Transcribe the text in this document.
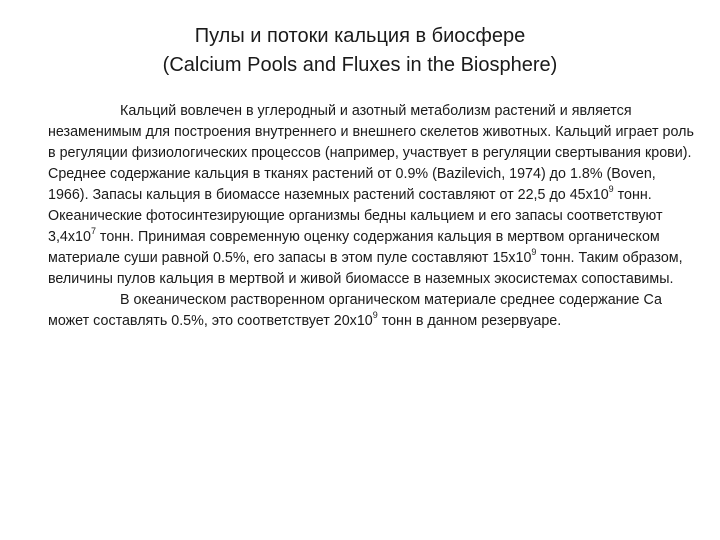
Пулы и потоки кальция в биосфере
(Calcium Pools and Fluxes in the Biosphere)

Кальций вовлечен в углеродный и азотный метаболизм растений и является незаменимым для построения внутреннего и внешнего скелетов животных. Кальций играет роль в регуляции физиологических процессов (например, участвует в регуляции свертывания крови). Среднее содержание кальция в тканях растений от 0.9% (Bazilevich, 1974) до 1.8% (Boven, 1966). Запасы кальция в биомассе наземных растений составляют от 22,5 до $45x10^9$ тонн. Океанические фотосинтезирующие организмы бедны кальцием и его запасы соответствуют $3,4x10^7$ тонн. Принимая современную оценку содержания кальция в мертвом органическом материале суши равной 0.5%, его запасы в этом пуле составляют $15x10^9$ тонн. Таким образом, величины пулов кальция в мертвой и живой биомассе в наземных экосистемах сопоставимы.

В океаническом растворенном органическом материале среднее содержание Са может составлять 0.5%, это соответствует $20x10^9$ тонн в данном резервуаре.
